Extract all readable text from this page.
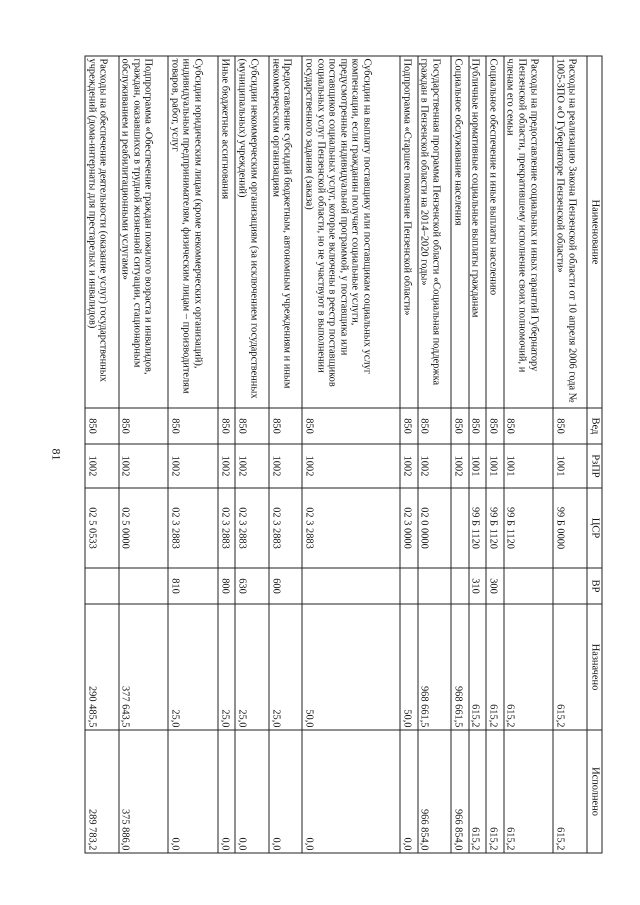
81
Наименование	Вед	РзПР	ЦСР	ВР	Назначено	Исполнено
Расходы на реализацию Закона Пензенской области от 10 апреля 2006 года № 1005-ЗПО «О Губернаторе Пензенской области»	850	1001	99 Б 0000		615,2	615,2
Расходы на предоставление социальных и иных гарантий Губернатору Пензенской области, прекратившему исполнение своих полномочий, и членам его семьи	850	1001	99 Б 1120		615,2	615,2
Социальное обеспечение и иные выплаты населению	850	1001	99 Б 1120	300	615,2	615,2
Публичные нормативные социальные выплаты гражданам	850	1001	99 Б 1120	310	615,2	615,2
Социальное обслуживание населения	850	1002			968 661,5	966 854,0
Государственная программа Пензенской области «Социальная поддержка граждан в Пензенской области на 2014–2020 годы»	850	1002	02 0 0000		968 661,5	966 854,0
Подпрограмма «Старшее поколение Пензенской области»	850	1002	02 3 0000		50,0	0,0
Субсидии на выплату поставщику или поставщикам социальных услуг компенсации, если гражданин получает социальные услуги, предусмотренные индивидуальной программой, у поставщика или поставщиков социальных услуг, которые включены в реестр поставщиков социальных услуг Пензенской области, но не участвуют в выполнении государственного задания (заказа)	850	1002	02 3 2883		50,0	0,0
Предоставление субсидий бюджетным, автономным учреждениям и иным некоммерческим организациям	850	1002	02 3 2883	600	25,0	0,0
Субсидии некоммерческим организациям (за исключением государственных (муниципальных) учреждений)	850	1002	02 3 2883	630	25,0	0,0
Иные бюджетные ассигнования	850	1002	02 3 2883	800	25,0	0,0
Субсидии юридическим лицам (кроме некоммерческих организаций), индивидуальным предпринимателям, физическим лицам – производителям товаров, работ, услуг	850	1002	02 3 2883	810	25,0	0,0
Подпрограмма «Обеспечение граждан пожилого возраста и инвалидов, граждан, оказавшихся в трудной жизненной ситуации, стационарным обслуживанием и реабилитационными услугами»	850	1002	02 5 0000		377 643,5	375 886,0
Расходы на обеспечение деятельности (оказание услуг) государственных учреждений (дома-интернаты для престарелых и инвалидов)	850	1002	02 5 0533		290 485,5	289 783,2
